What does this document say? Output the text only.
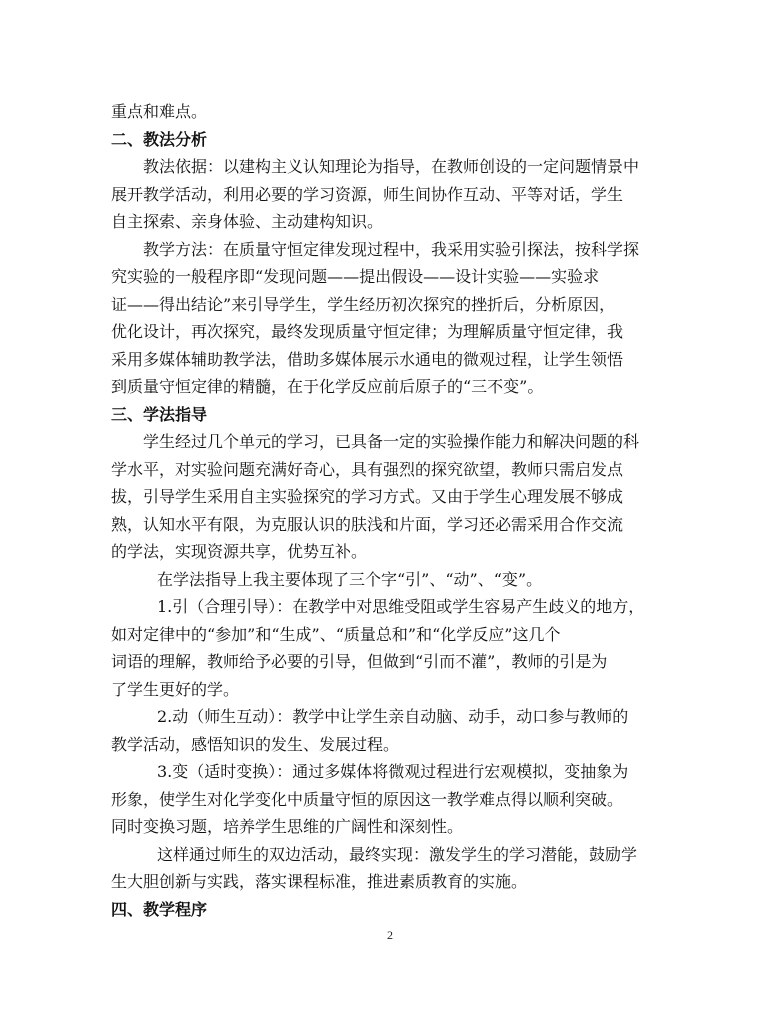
重点和难点。

二、教法分析

教法依据：以建构主义认知理论为指导，在教师创设的一定问题情景中

展开教学活动，利用必要的学习资源，师生间协作互动、平等对话，学生

自主探索、亲身体验、主动建构知识。

教学方法：在质量守恒定律发现过程中，我采用实验引探法，按科学探

究实验的一般程序即“发现问题——提出假设——设计实验——实验求

证——得出结论”来引导学生，学生经历初次探究的挫折后，分析原因，

优化设计，再次探究，最终发现质量守恒定律；为理解质量守恒定律，我

采用多媒体辅助教学法，借助多媒体展示水通电的微观过程，让学生领悟

到质量守恒定律的精髓，在于化学反应前后原子的“三不变”。

三、学法指导

学生经过几个单元的学习，已具备一定的实验操作能力和解决问题的科

学水平，对实验问题充满好奇心，具有强烈的探究欲望，教师只需启发点

拔，引导学生采用自主实验探究的学习方式。又由于学生心理发展不够成

熟，认知水平有限，为克服认识的肤浅和片面，学习还必需采用合作交流

的学法，实现资源共享，优势互补。

在学法指导上我主要体现了三个字“引”、“动”、“变”。

1.引（合理引导）：在教学中对思维受阻或学生容易产生歧义的地方，

如对定律中的“参加”和“生成”、“质量总和”和“化学反应”这几个

词语的理解，教师给予必要的引导，但做到“引而不灌”，教师的引是为

了学生更好的学。

2.动（师生互动）：教学中让学生亲自动脑、动手，动口参与教师的

教学活动，感悟知识的发生、发展过程。

3.变（适时变换）：通过多媒体将微观过程进行宏观模拟，变抽象为

形象，使学生对化学变化中质量守恒的原因这一教学难点得以顺利突破。

同时变换习题，培养学生思维的广阔性和深刻性。

这样通过师生的双边活动，最终实现：激发学生的学习潜能，鼓励学

生大胆创新与实践，落实课程标准，推进素质教育的实施。

四、教学程序

2
